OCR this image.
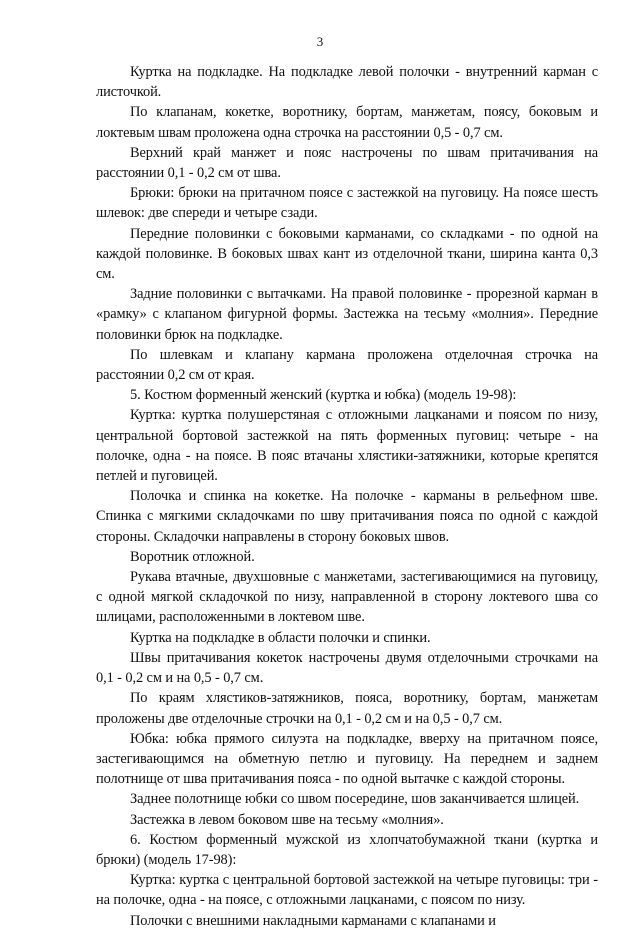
3

Куртка на подкладке. На подкладке левой полочки - внутренний карман с листочкой.

По клапанам, кокетке, воротнику, бортам, манжетам, поясу, боковым и локтевым швам проложена одна строчка на расстоянии 0,5 - 0,7 см.

Верхний край манжет и пояс настрочены по швам притачивания на расстоянии 0,1 - 0,2 см от шва.

Брюки: брюки на притачном поясе с застежкой на пуговицу. На поясе шесть шлевок: две спереди и четыре сзади.

Передние половинки с боковыми карманами, со складками - по одной на каждой половинке. В боковых швах кант из отделочной ткани, ширина канта 0,3 см.

Задние половинки с вытачками. На правой половинке - прорезной карман в «рамку» с клапаном фигурной формы. Застежка на тесьму «молния». Передние половинки брюк на подкладке.

По шлевкам и клапану кармана проложена отделочная строчка на расстоянии 0,2 см от края.

5. Костюм форменный женский (куртка и юбка) (модель 19-98):

Куртка: куртка полушерстяная с отложными лацканами и поясом по низу, центральной бортовой застежкой на пять форменных пуговиц: четыре - на полочке, одна - на поясе. В пояс втачаны хлястики-затяжники, которые крепятся петлей и пуговицей.

Полочка и спинка на кокетке. На полочке - карманы в рельефном шве. Спинка с мягкими складочками по шву притачивания пояса по одной с каждой стороны. Складочки направлены в сторону боковых швов.

Воротник отложной.

Рукава втачные, двухшовные с манжетами, застегивающимися на пуговицу, с одной мягкой складочкой по низу, направленной в сторону локтевого шва со шлицами, расположенными в локтевом шве.

Куртка на подкладке в области полочки и спинки.

Швы притачивания кокеток настрочены двумя отделочными строчками на 0,1 - 0,2 см и на 0,5 - 0,7 см.

По краям хлястиков-затяжников, пояса, воротнику, бортам, манжетам проложены две отделочные строчки на 0,1 - 0,2 см и на 0,5 - 0,7 см.

Юбка: юбка прямого силуэта на подкладке, вверху на притачном поясе, застегивающимся на обметную петлю и пуговицу. На переднем и заднем полотнище от шва притачивания пояса - по одной вытачке с каждой стороны.

Заднее полотнище юбки со швом посередине, шов заканчивается шлицей.

Застежка в левом боковом шве на тесьму «молния».

6. Костюм форменный мужской из хлопчатобумажной ткани (куртка и брюки) (модель 17-98):

Куртка: куртка с центральной бортовой застежкой на четыре пуговицы: три - на полочке, одна - на поясе, с отложными лацканами, с поясом по низу.

Полочки с внешними накладными карманами с клапанами и
